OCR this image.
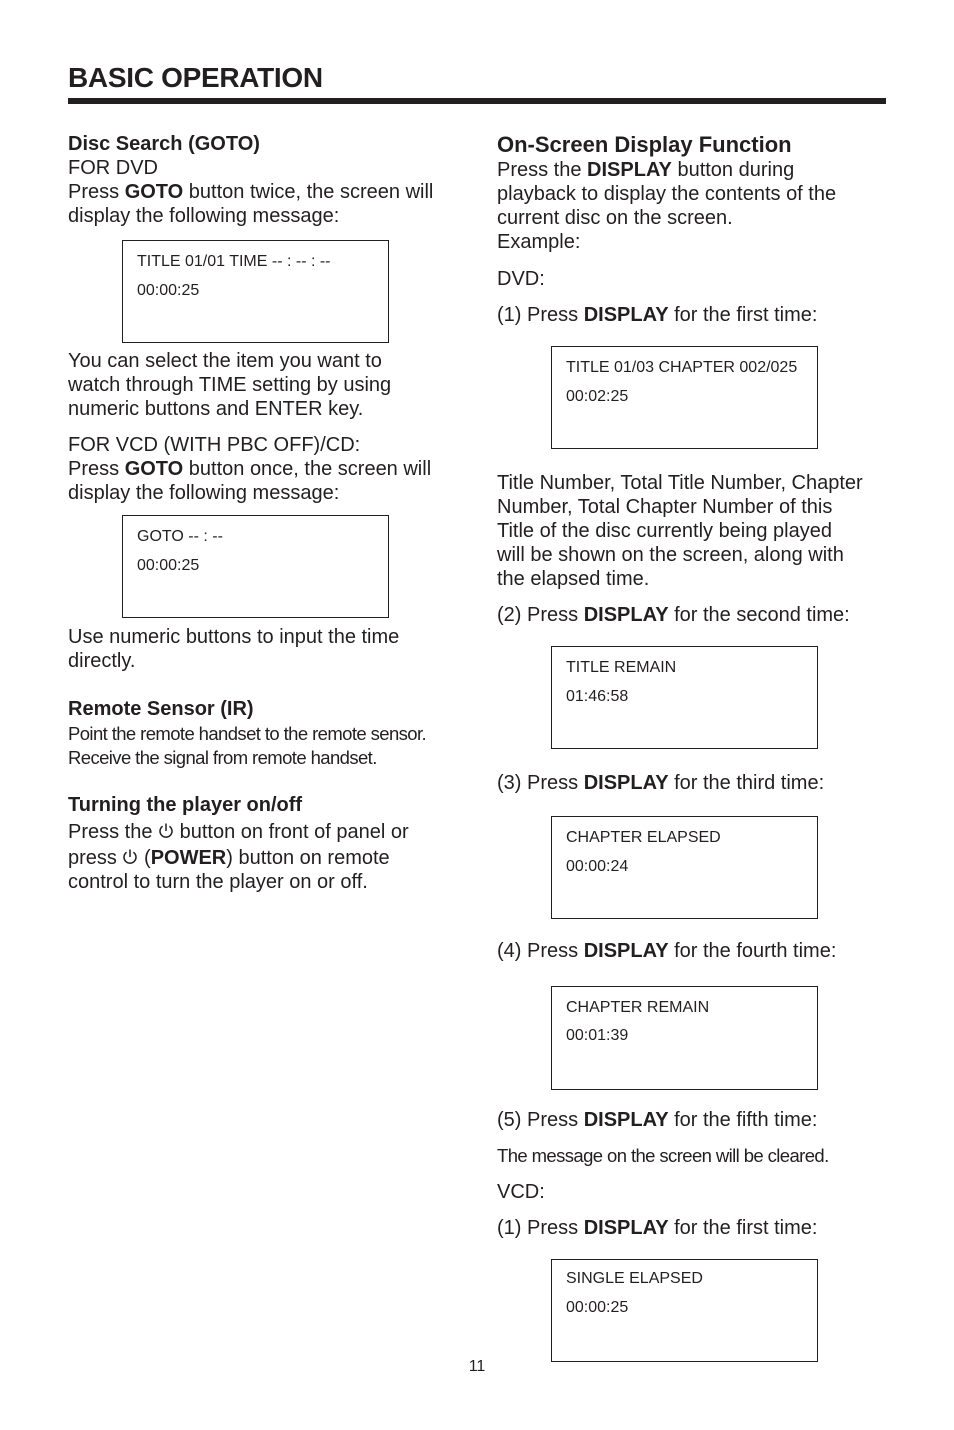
BASIC OPERATION
Disc Search (GOTO)
FOR DVD
Press GOTO button twice, the screen will
display the following message:
TITLE 01/01 TIME -- : -- : --
00:00:25
You can select the item you want to
watch through TIME setting by using
numeric buttons and ENTER key.
FOR VCD (WITH PBC OFF)/CD:
Press GOTO button once, the screen will
display the following message:
GOTO -- : --
00:00:25
Use numeric buttons to input the time
directly.
Remote Sensor (IR)
Point the remote handset to the remote sensor.
Receive the signal from remote handset.
Turning the player on/off
Press the  button on front of panel or
press  (POWER) button on remote
control to turn the player on or off.
On-Screen Display Function
Press the DISPLAY button during
playback to display the contents of the
current disc on the screen.
Example:
DVD:
(1) Press DISPLAY for the first time:
TITLE 01/03 CHAPTER 002/025
00:02:25
Title Number, Total Title Number, Chapter
Number, Total Chapter Number of this
Title of the disc currently being played
will be shown on the screen, along with
the elapsed time.
(2) Press DISPLAY for the second time:
TITLE REMAIN
01:46:58
(3) Press DISPLAY for the third time:
CHAPTER ELAPSED
00:00:24
(4) Press DISPLAY for the fourth time:
CHAPTER REMAIN
00:01:39
(5) Press DISPLAY for the fifth time:
The message on the screen will be cleared.
VCD:
(1) Press DISPLAY for the first time:
SINGLE ELAPSED
00:00:25
11
